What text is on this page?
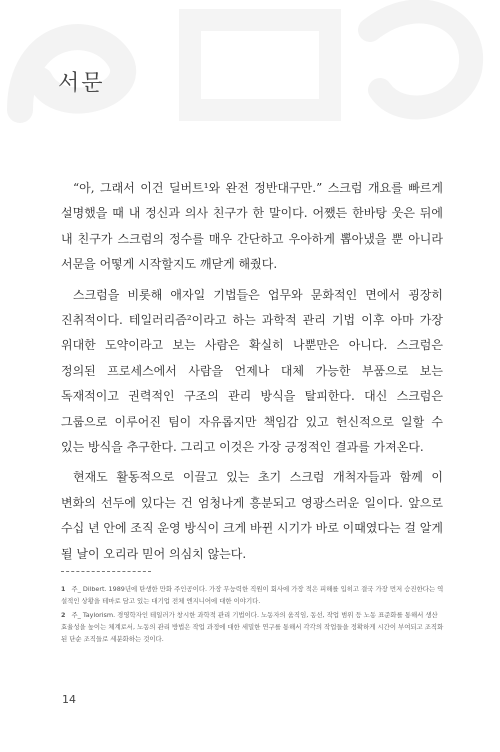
서문

“아, 그래서 이건 딜버트¹와 완전 정반대구만.” 스크럼 개요를 빠르게 설명했을 때 내 정신과 의사 친구가 한 말이다. 어쨌든 한바탕 웃은 뒤에 내 친구가 스크럼의 정수를 매우 간단하고 우아하게 뽑아냈을 뿐 아니라 서문을 어떻게 시작할지도 깨닫게 해줬다.

스크럼을 비롯해 애자일 기법들은 업무와 문화적인 면에서 굉장히 진취적이다. 테일러리즘²이라고 하는 과학적 관리 기법 이후 아마 가장 위대한 도약이라고 보는 사람은 확실히 나뿐만은 아니다. 스크럼은 정의된 프로세스에서 사람을 언제나 대체 가능한 부품으로 보는 독재적이고 권력적인 구조의 관리 방식을 탈피한다. 대신 스크럼은 그룹으로 이루어진 팀이 자유롭지만 책임감 있고 헌신적으로 일할 수 있는 방식을 추구한다. 그리고 이것은 가장 긍정적인 결과를 가져온다.

현재도 활동적으로 이끌고 있는 초기 스크럼 개척자들과 함께 이 변화의 선두에 있다는 건 엄청나게 흥분되고 영광스러운 일이다. 앞으로 수십 년 안에 조직 운영 방식이 크게 바뀐 시기가 바로 이때였다는 걸 알게 될 날이 오리라 믿어 의심치 않는다.

1 주_ Dilbert. 1989년에 탄생한 만화 주인공이다. 가장 무능력한 직원이 회사에 가장 적은 피해를 입히고 결국 가장 먼저 승진한다는 역설적인 상황을 테마로 담고 있는 대기업 전체 엔지니어에 대한 이야기다.

2 주_ Taylorism. 경영학자인 테일러가 창시한 과학적 관리 기법이다. 노동자의 움직임, 동선, 작업 범위 등 노동 표준화를 통해서 생산 효율성을 높이는 체계로서, 노동의 관리 방법은 작업 과정에 대한 세밀한 연구를 통해서 각각의 작업들을 정확하게 시간이 부여되고 조직화된 단순 조직들로 세분화하는 것이다.

14
